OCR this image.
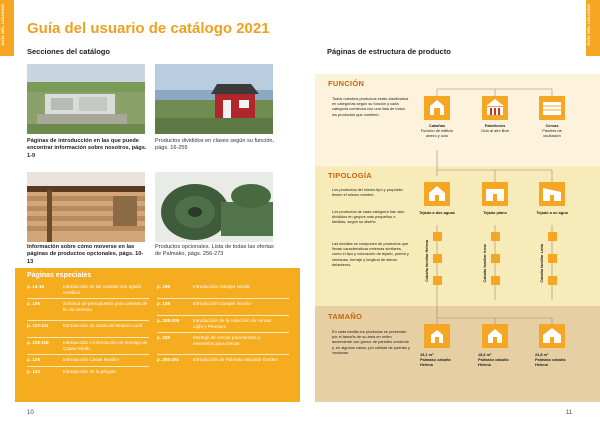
GUÍA DEL USUARIO	Guía del usuario de catálogo 2021
Secciones del catálogo
Páginas de introducción en las que puede encontrar información sobre nosotros, págs. 1-9
Productos divididos en clases según su función, págs. 16-255
Páginas especiales
p. 14-15	Introducción de las casetas con tejado metálico
p. 106	Solicitud de presupuesto para casetas de fin de semana
p. 110-111	Introducción de casas de Modern Look
p. 118-119	Introducción e información de montaje de Casas Nordic
p. 125	Introducción Casas Nordic+
p. 143	Introducción de la pérgola
p. 166	Introducción Garajes Nordic
p. 168	Introducción Garajes Nordic+
p. 208-209	Introducción de la colección de cercas Light y Premium
p. 220	Montaje de cercas para terraza y elementos para cercas
p. 250-251	Introducción de Palmako Modular Garden
10
GUÍA DEL USUARIO
Páginas de estructura de producto
FUNCIÓN
Todos nuestros productos están clasificados en categorías según su función y cada categoría comienza con una lista de todos los productos que contiene.
Cabañas
Función de edificio anexo y ocio
Pabellones
Ocio al aire libre
Cercas
Paneles de ocultación
TIPOLOGÍA
Los productos del mismo tipo y propósito tienen el mismo nombre.
Los productos de cada categoría han sido divididos en grupos más pequeños o familias, según su diseño
Las familias se componen de productos que llevan características externas similares, como el tipo y colocación de tejado, puerta y ventanas, herraje y longitud de aleros delanteros.
Tejado a dos aguas	Tejado plano	Tejado a un agua
Cabaña familiar Helena	Cabaña familiar Irene	Cabaña familiar Lotta
TAMAÑO
En cada familia los productos se presentan por el tamaño de su área en orden ascendente con grosor de paredes creciente y, en algunos casos, por calidad de puertas y ventanas.	15,1 m²
Palmako cabaña
Helena
18,6 m²
Palmako cabaña
Helena
24,8 m²
Palmako cabaña
Helena
11
Información sobre cómo moverse en las páginas de productos opcionales, págs. 10-13
Productos opcionales. Lista de todas las ofertas de Palmako, págs. 256-273
